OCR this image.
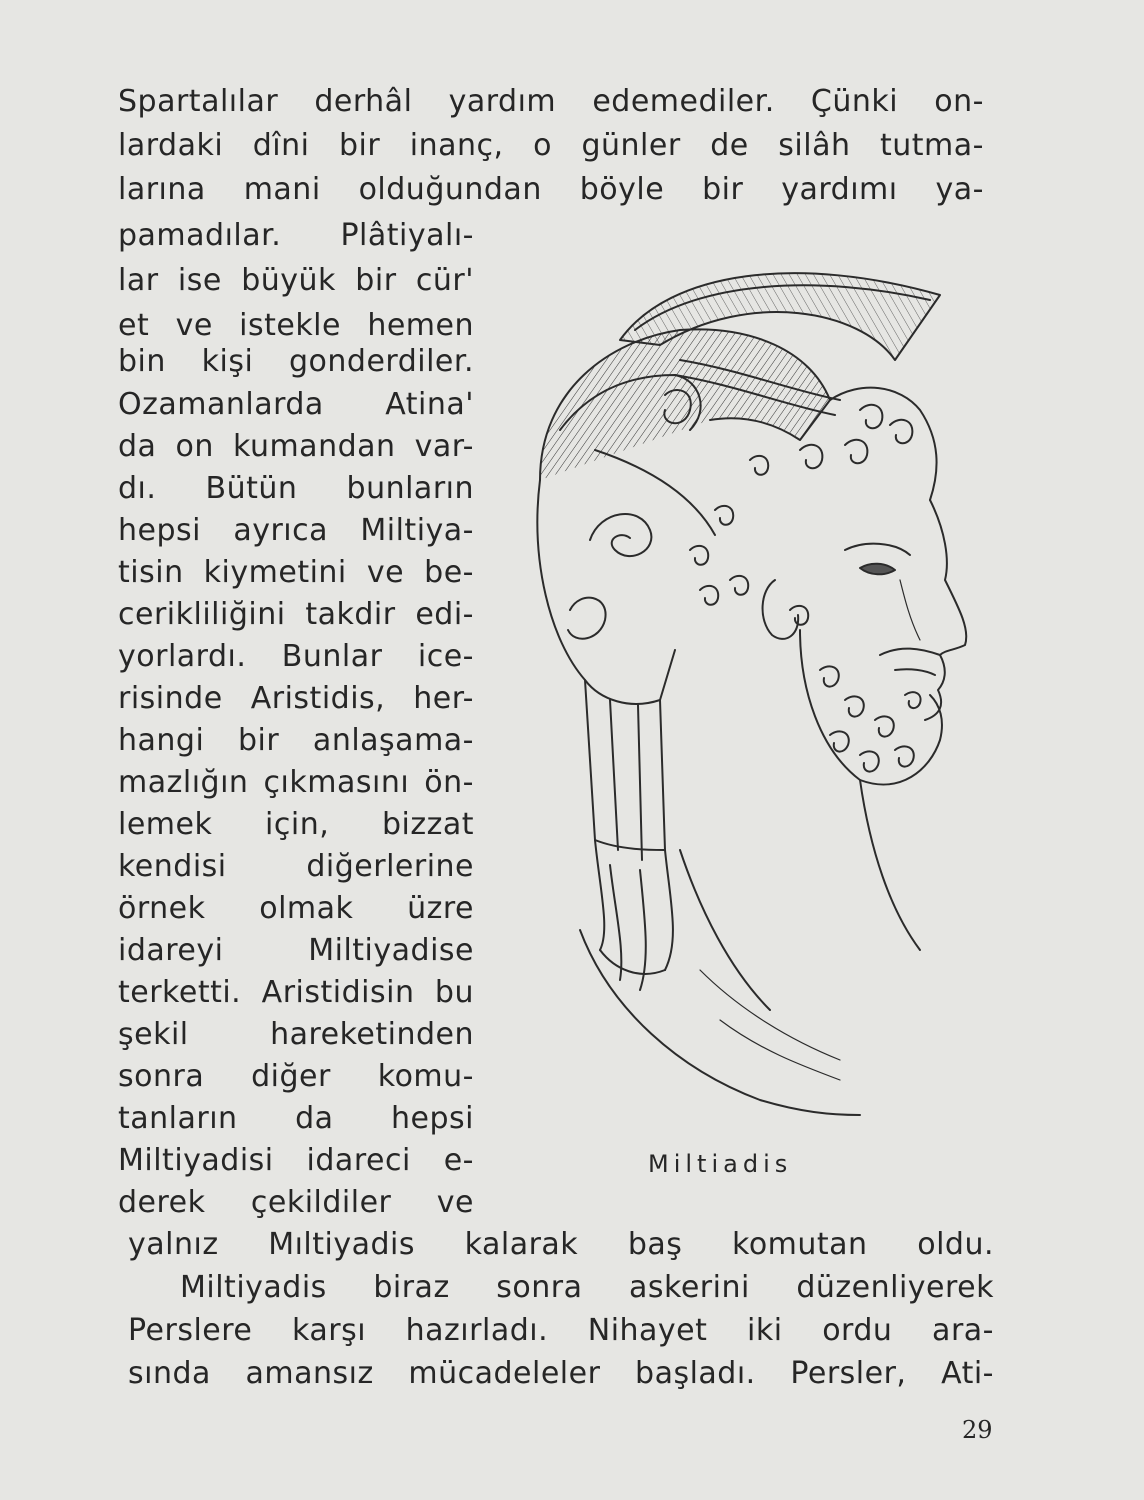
Spartalılar derhâl yardım edemediler. Çünki on-

lardaki dîni bir inanç, o günler de silâh tutma-

larına mani olduğundan böyle bir yardımı ya-

pamadılar. Plâtiyalı-

lar ise büyük bir cür'

et ve istekle hemen

bin kişi gonderdiler.

Ozamanlarda Atina'

da on kumandan var-

dı. Bütün bunların

hepsi ayrıca Miltiya-

tisin kiymetini ve be-

cerikliliğini takdir edi-

yorlardı. Bunlar ice-

risinde Aristidis, her-

hangi bir anlaşama-

mazlığın çıkmasını ön-

lemek için, bizzat

kendisi diğerlerine

örnek olmak üzre

idareyi Miltiyadise

terketti. Aristidisin bu

şekil hareketinden

sonra diğer komu-

tanların da hepsi

Miltiyadisi idareci e-

derek çekildiler ve

yalnız Mıltiyadis kalarak baş komutan oldu.

Miltiyadis biraz sonra askerini düzenliyerek

Perslere karşı hazırladı. Nihayet iki ordu ara-

sında amansız mücadeleler başladı. Persler, Ati-

Miltiadis
29
